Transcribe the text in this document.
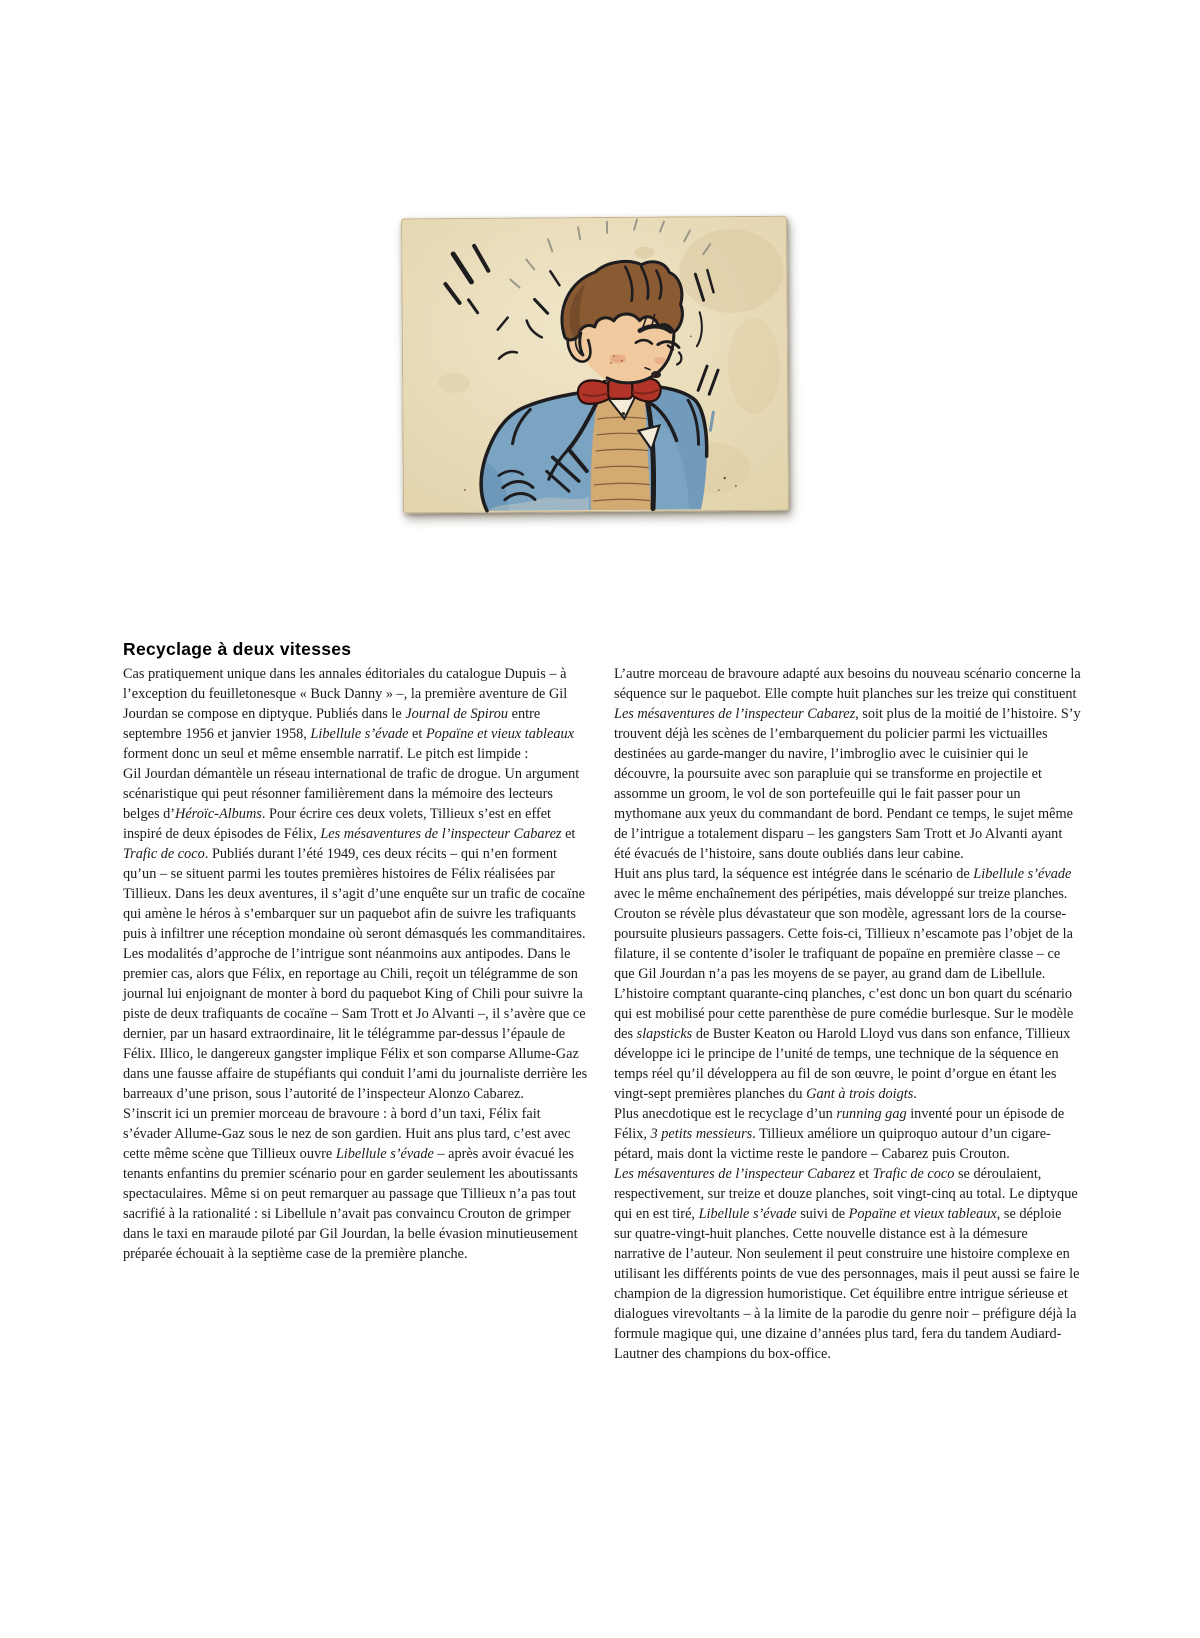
Recyclage à deux vitesses

Cas pratiquement unique dans les annales éditoriales du catalogue Dupuis – à l’exception du feuilletonesque « Buck Danny » –, la première aventure de Gil Jourdan se compose en diptyque. Publiés dans le Journal de Spirou entre septembre 1956 et janvier 1958, Libellule s’évade et Popaïne et vieux tableaux forment donc un seul et même ensemble narratif. Le pitch est limpide :

Gil Jourdan démantèle un réseau international de trafic de drogue. Un argument scénaristique qui peut résonner familièrement dans la mémoire des lecteurs belges d’Héroïc-Albums. Pour écrire ces deux volets, Tillieux s’est en effet inspiré de deux épisodes de Félix, Les mésaventures de l’inspecteur Cabarez et Trafic de coco. Publiés durant l’été 1949, ces deux récits – qui n’en forment qu’un – se situent parmi les toutes premières histoires de Félix réalisées par Tillieux. Dans les deux aventures, il s’agit d’une enquête sur un trafic de cocaïne qui amène le héros à s’embarquer sur un paquebot afin de suivre les trafiquants puis à infiltrer une réception mondaine où seront démasqués les commanditaires. Les modalités d’approche de l’intrigue sont néanmoins aux antipodes. Dans le premier cas, alors que Félix, en reportage au Chili, reçoit un télégramme de son journal lui enjoignant de monter à bord du paquebot King of Chili pour suivre la piste de deux trafiquants de cocaïne – Sam Trott et Jo Alvanti –, il s’avère que ce dernier, par un hasard extraordinaire, lit le télégramme par-dessus l’épaule de Félix. Illico, le dangereux gangster implique Félix et son comparse Allume-Gaz dans une fausse affaire de stupéfiants qui conduit l’ami du journaliste derrière les barreaux d’une prison, sous l’autorité de l’inspecteur Alonzo Cabarez.

S’inscrit ici un premier morceau de bravoure : à bord d’un taxi, Félix fait s’évader Allume-Gaz sous le nez de son gardien. Huit ans plus tard, c’est avec cette même scène que Tillieux ouvre Libellule s’évade – après avoir évacué les tenants enfantins du premier scénario pour en garder seulement les aboutissants spectaculaires. Même si on peut remarquer au passage que Tillieux n’a pas tout sacrifié à la rationalité : si Libellule n’avait pas convaincu Crouton de grimper dans le taxi en maraude piloté par Gil Jourdan, la belle évasion minutieusement préparée échouait à la septième case de la première planche.

L’autre morceau de bravoure adapté aux besoins du nouveau scénario concerne la séquence sur le paquebot. Elle compte huit planches sur les treize qui constituent Les mésaventures de l’inspecteur Cabarez, soit plus de la moitié de l’histoire. S’y trouvent déjà les scènes de l’embarquement du policier parmi les victuailles destinées au garde-manger du navire, l’imbroglio avec le cuisinier qui le découvre, la poursuite avec son parapluie qui se transforme en projectile et assomme un groom, le vol de son portefeuille qui le fait passer pour un mythomane aux yeux du commandant de bord. Pendant ce temps, le sujet même de l’intrigue a totalement disparu – les gangsters Sam Trott et Jo Alvanti ayant été évacués de l’histoire, sans doute oubliés dans leur cabine.

Huit ans plus tard, la séquence est intégrée dans le scénario de Libellule s’évade avec le même enchaînement des péripéties, mais développé sur treize planches. Crouton se révèle plus dévastateur que son modèle, agressant lors de la course-poursuite plusieurs passagers. Cette fois-ci, Tillieux n’escamote pas l’objet de la filature, il se contente d’isoler le trafiquant de popaïne en première classe – ce que Gil Jourdan n’a pas les moyens de se payer, au grand dam de Libellule. L’histoire comptant quarante-cinq planches, c’est donc un bon quart du scénario qui est mobilisé pour cette parenthèse de pure comédie burlesque. Sur le modèle des slapsticks de Buster Keaton ou Harold Lloyd vus dans son enfance, Tillieux développe ici le principe de l’unité de temps, une technique de la séquence en temps réel qu’il développera au fil de son œuvre, le point d’orgue en étant les vingt-sept premières planches du Gant à trois doigts.

Plus anecdotique est le recyclage d’un running gag inventé pour un épisode de Félix, 3 petits messieurs. Tillieux améliore un quiproquo autour d’un cigare-pétard, mais dont la victime reste le pandore – Cabarez puis Crouton.

Les mésaventures de l’inspecteur Cabarez et Trafic de coco se déroulaient, respectivement, sur treize et douze planches, soit vingt-cinq au total. Le diptyque qui en est tiré, Libellule s’évade suivi de Popaïne et vieux tableaux, se déploie sur quatre-vingt-huit planches. Cette nouvelle distance est à la démesure narrative de l’auteur. Non seulement il peut construire une histoire complexe en utilisant les différents points de vue des personnages, mais il peut aussi se faire le champion de la digression humoristique. Cet équilibre entre intrigue sérieuse et dialogues virevoltants – à la limite de la parodie du genre noir – préfigure déjà la formule magique qui, une dizaine d’années plus tard, fera du tandem Audiard-Lautner des champions du box-office.
